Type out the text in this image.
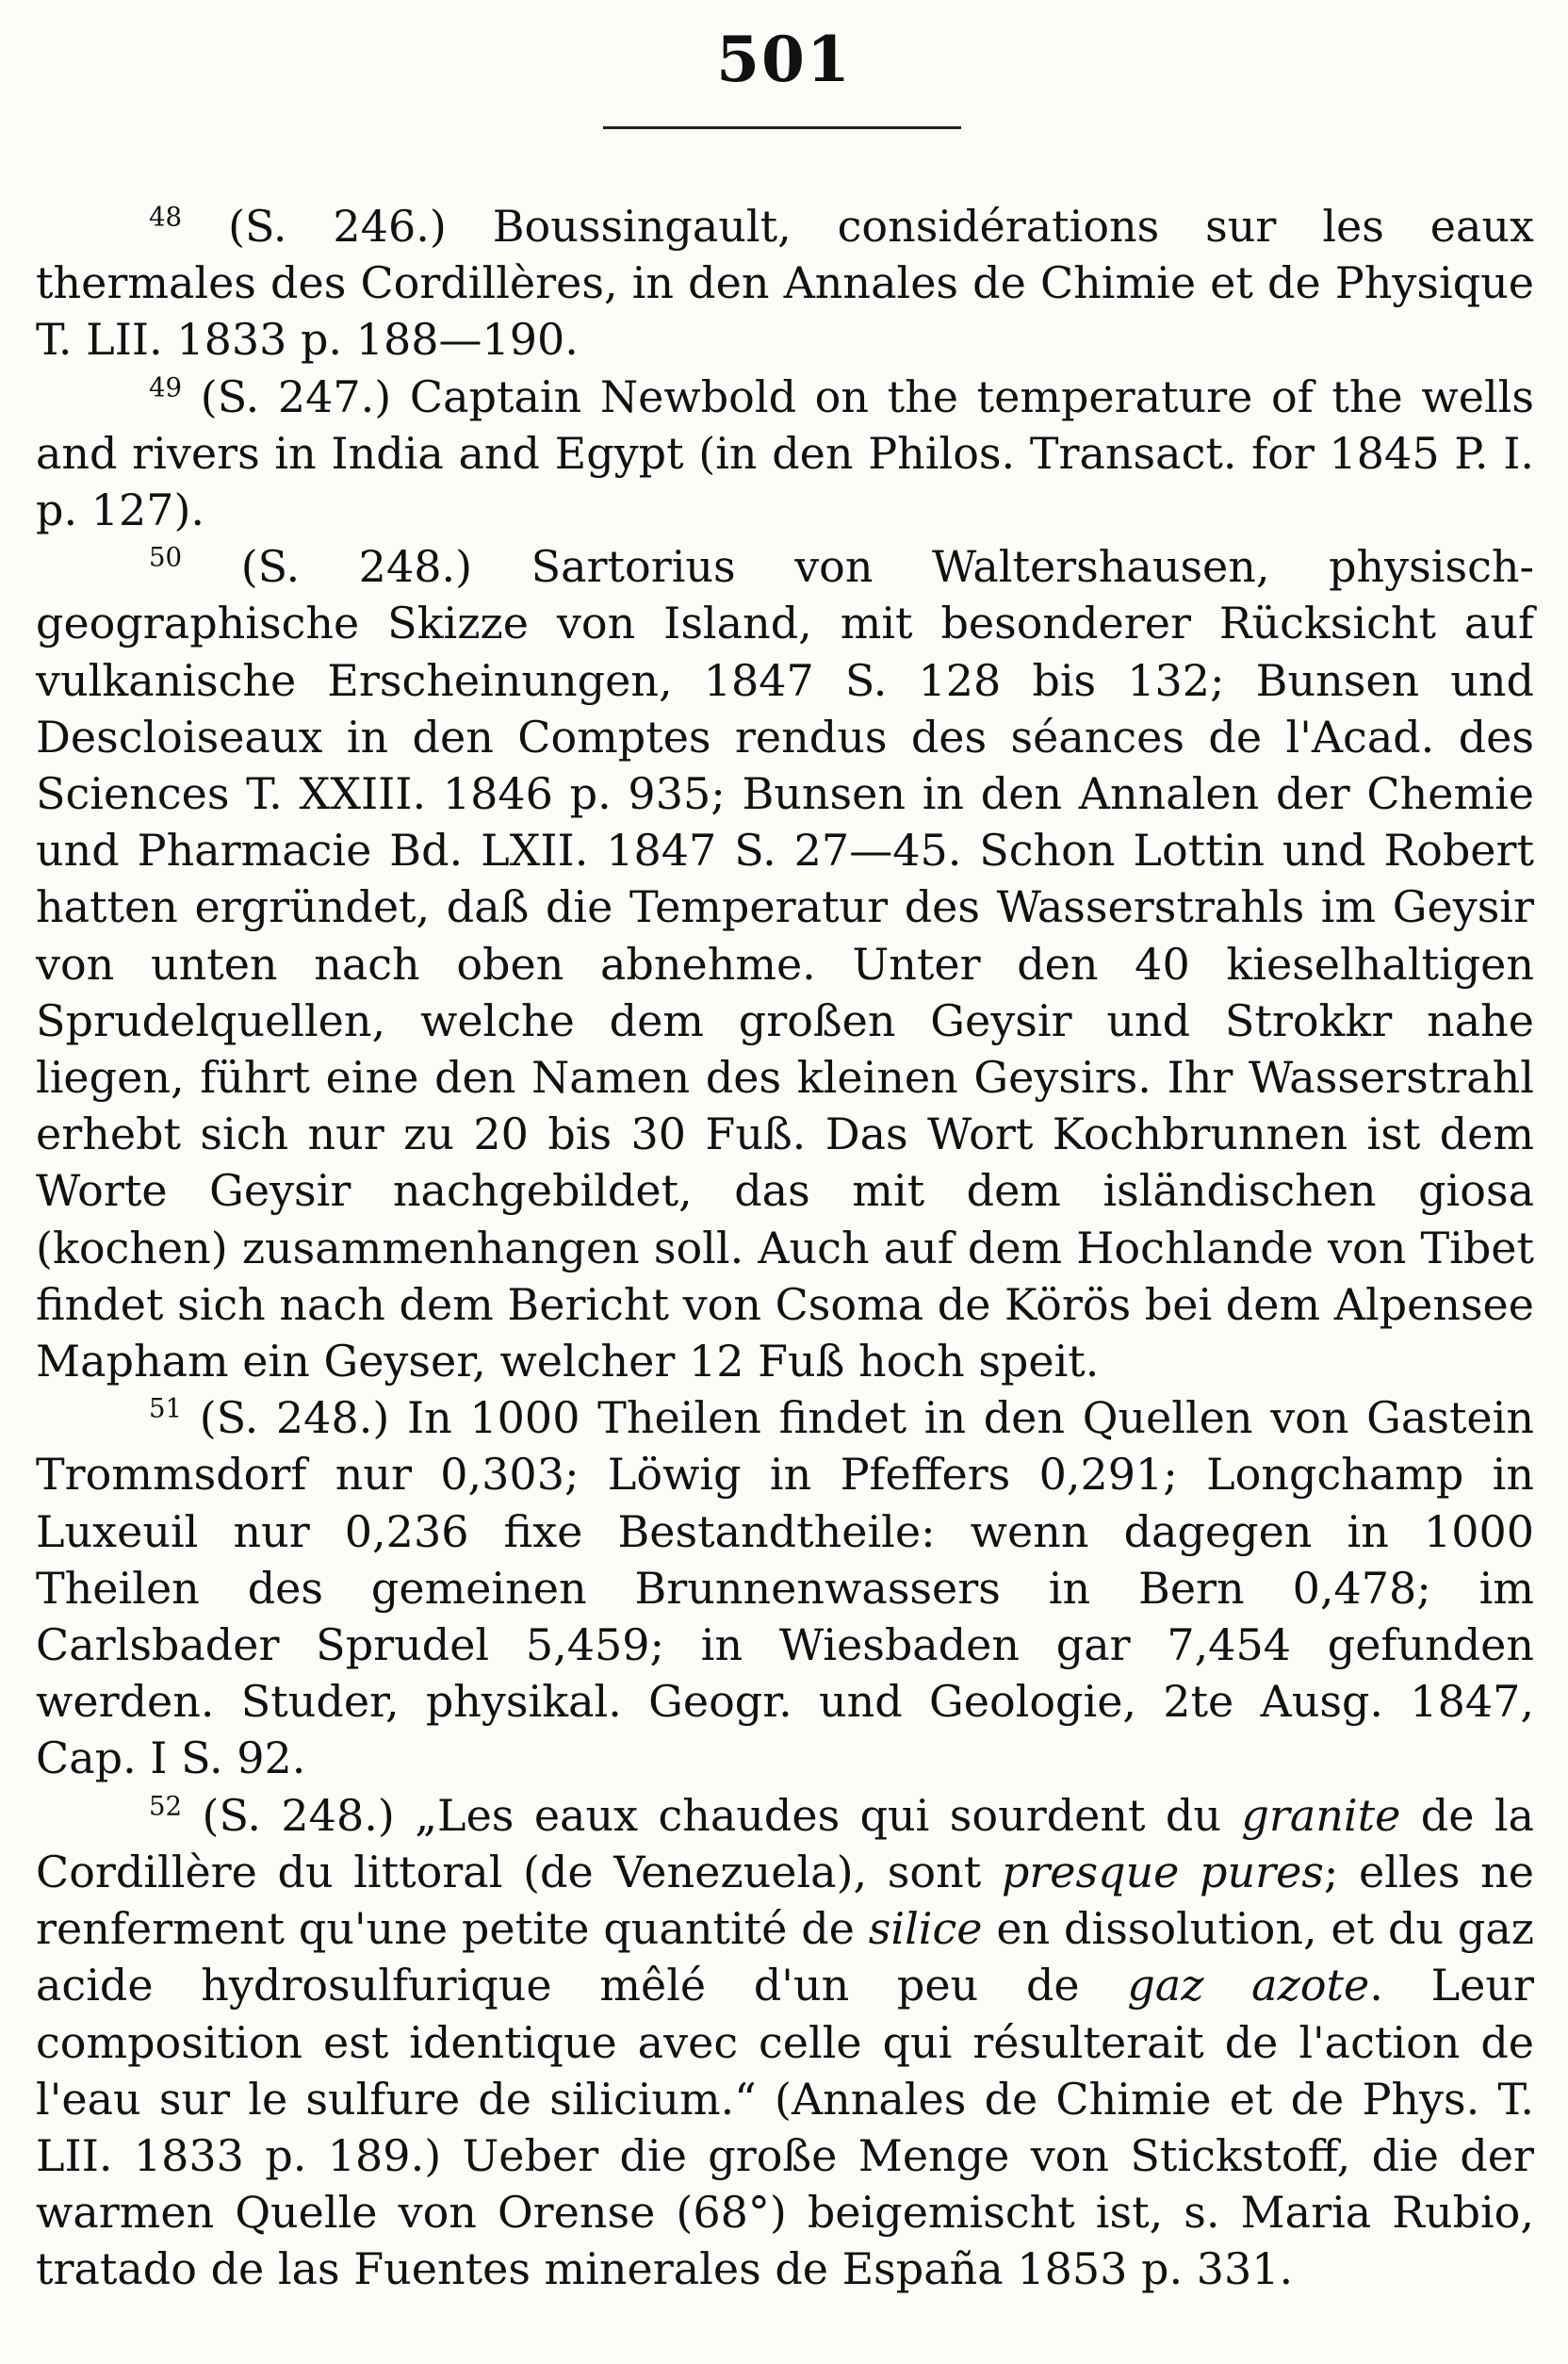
501

$^{48}$ (S. 246.) Boussingault, considérations sur les eaux thermales des Cordillères, in den Annales de Chimie et de Physique T. LII. 1833 p. 188—190.

$^{49}$ (S. 247.) Captain Newbold on the temperature of the wells and rivers in India and Egypt (in den Philos. Transact. for 1845 P. I. p. 127).

$^{50}$ (S. 248.) Sartorius von Waltershausen, physisch-geographische Skizze von Island, mit besonderer Rücksicht auf vulkanische Erscheinungen, 1847 S. 128 bis 132; Bunsen und Descloiseaux in den Comptes rendus des séances de l'Acad. des Sciences T. XXIII. 1846 p. 935; Bunsen in den Annalen der Chemie und Pharmacie Bd. LXII. 1847 S. 27—45. Schon Lottin und Robert hatten ergründet, daß die Temperatur des Wasserstrahls im Geysir von unten nach oben abnehme. Unter den 40 kieselhaltigen Sprudelquellen, welche dem großen Geysir und Strokkr nahe liegen, führt eine den Namen des kleinen Geysirs. Ihr Wasserstrahl erhebt sich nur zu 20 bis 30 Fuß. Das Wort Kochbrunnen ist dem Worte Geysir nachgebildet, das mit dem isländischen giosa (kochen) zusammenhangen soll. Auch auf dem Hochlande von Tibet findet sich nach dem Bericht von Csoma de Körös bei dem Alpensee Mapham ein Geyser, welcher 12 Fuß hoch speit.

$^{51}$ (S. 248.) In 1000 Theilen findet in den Quellen von Gastein Trommsdorf nur 0,303; Löwig in Pfeffers 0,291; Longchamp in Luxeuil nur 0,236 fixe Bestandtheile: wenn dagegen in 1000 Theilen des gemeinen Brunnenwassers in Bern 0,478; im Carlsbader Sprudel 5,459; in Wiesbaden gar 7,454 gefunden werden. Studer, physikal. Geogr. und Geologie, 2te Ausg. 1847, Cap. I S. 92.

$^{52}$ (S. 248.) „Les eaux chaudes qui sourdent du granite de la Cordillère du littoral (de Venezuela), sont presque pures; elles ne renferment qu'une petite quantité de silice en dissolution, et du gaz acide hydrosulfurique mêlé d'un peu de gaz azote. Leur composition est identique avec celle qui résulterait de l'action de l'eau sur le sulfure de silicium.“ (Annales de Chimie et de Phys. T. LII. 1833 p. 189.) Ueber die große Menge von Stickstoff, die der warmen Quelle von Orense (68°) beigemischt ist, s. Maria Rubio, tratado de las Fuentes minerales de España 1853 p. 331.
